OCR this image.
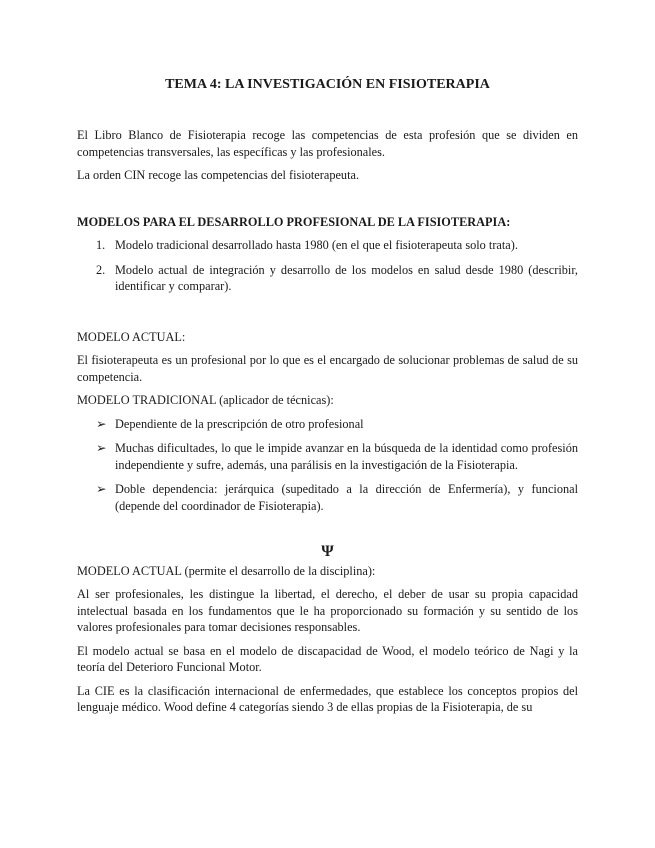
TEMA 4: LA INVESTIGACIÓN EN FISIOTERAPIA

El Libro Blanco de Fisioterapia recoge las competencias de esta profesión que se dividen en competencias transversales, las específicas y las profesionales.

La orden CIN recoge las competencias del fisioterapeuta.

MODELOS PARA EL DESARROLLO PROFESIONAL DE LA FISIOTERAPIA:

1. Modelo tradicional desarrollado hasta 1980 (en el que el fisioterapeuta solo trata).
2. Modelo actual de integración y desarrollo de los modelos en salud desde 1980 (describir, identificar y comparar).

MODELO ACTUAL:

El fisioterapeuta es un profesional por lo que es el encargado de solucionar problemas de salud de su competencia.

MODELO TRADICIONAL (aplicador de técnicas):

➢ Dependiente de la prescripción de otro profesional
➢ Muchas dificultades, lo que le impide avanzar en la búsqueda de la identidad como profesión independiente y sufre, además, una parálisis en la investigación de la Fisioterapia.
➢ Doble dependencia: jerárquica (supeditado a la dirección de Enfermería), y funcional (depende del coordinador de Fisioterapia).
Ψ

MODELO ACTUAL (permite el desarrollo de la disciplina):

Al ser profesionales, les distingue la libertad, el derecho, el deber de usar su propia capacidad intelectual basada en los fundamentos que le ha proporcionado su formación y su sentido de los valores profesionales para tomar decisiones responsables.

El modelo actual se basa en el modelo de discapacidad de Wood, el modelo teórico de Nagi y la teoría del Deterioro Funcional Motor.

La CIE es la clasificación internacional de enfermedades, que establece los conceptos propios del lenguaje médico. Wood define 4 categorías siendo 3 de ellas propias de la Fisioterapia, de su
